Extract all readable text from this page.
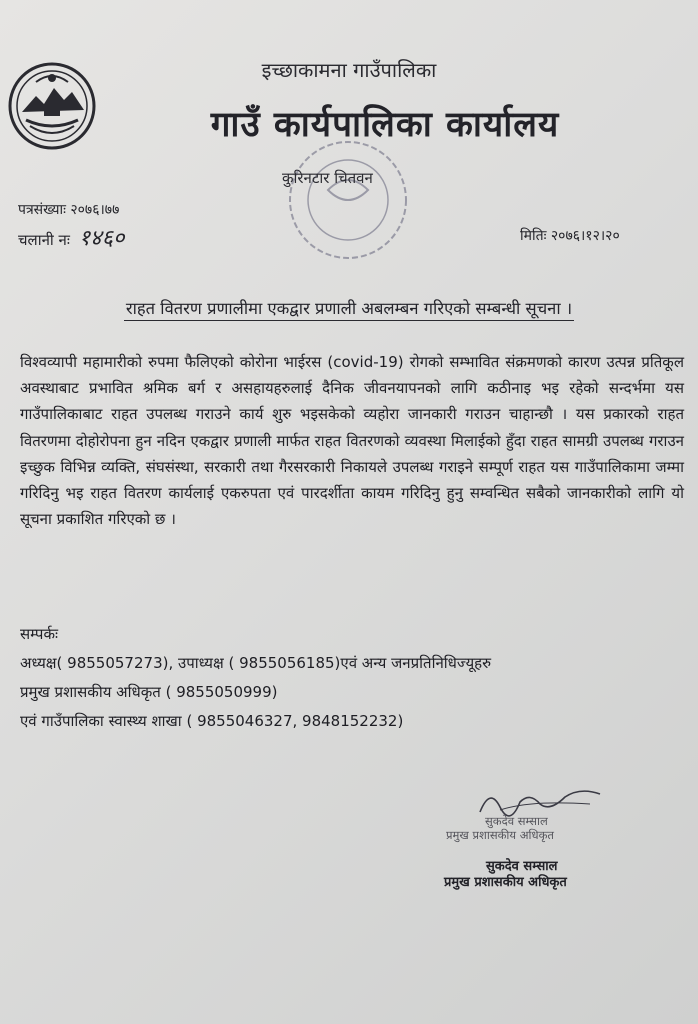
इच्छाकामना गाउँपालिका
गाउँ कार्यपालिका कार्यालय
कुरिनटार चितवन
पत्रसंख्याः २०७६।७७
चलानी नः १४६०	मितिः २०७६।१२।२०
राहत वितरण प्रणालीमा एकद्वार प्रणाली अबलम्बन गरिएको सम्बन्धी सूचना ।
विश्वव्यापी महामारीको रुपमा फैलिएको कोरोना भाईरस (covid-19) रोगको सम्भावित संक्रमणको कारण उत्पन्न प्रतिकूल अवस्थाबाट प्रभावित श्रमिक बर्ग र असहायहरुलाई दैनिक जीवनयापनको लागि कठीनाइ भइ रहेको सन्दर्भमा यस गाउँपालिकाबाट राहत उपलब्ध गराउने कार्य शुरु भइसकेको व्यहोरा जानकारी गराउन चाहान्छौ । यस प्रकारको राहत वितरणमा दोहोरोपना हुन नदिन एकद्वार प्रणाली मार्फत राहत वितरणको व्यवस्था मिलाईको हुँदा राहत सामग्री उपलब्ध गराउन इच्छुक विभिन्न व्यक्ति, संघसंस्था, सरकारी तथा गैरसरकारी निकायले उपलब्ध गराइने सम्पूर्ण राहत यस गाउँपालिकामा जम्मा गरिदिनु भइ राहत वितरण कार्यलाई एकरुपता एवं पारदर्शीता कायम गरिदिनु हुनु सम्वन्धित सबैको जानकारीको लागि यो सूचना प्रकाशित गरिएको छ ।
सम्पर्कः
अध्यक्ष( 9855057273), उपाध्यक्ष ( 9855056185)एवं अन्य जनप्रतिनिधिज्यूहरु
प्रमुख प्रशासकीय अधिकृत ( 9855050999)
एवं गाउँपालिका स्वास्थ्य शाखा ( 9855046327, 9848152232)
सुकदेव सम्साल
प्रमुख प्रशासकीय अधिकृत
सुकदेव सम्साल
प्रमुख प्रशासकीय अधिकृत
